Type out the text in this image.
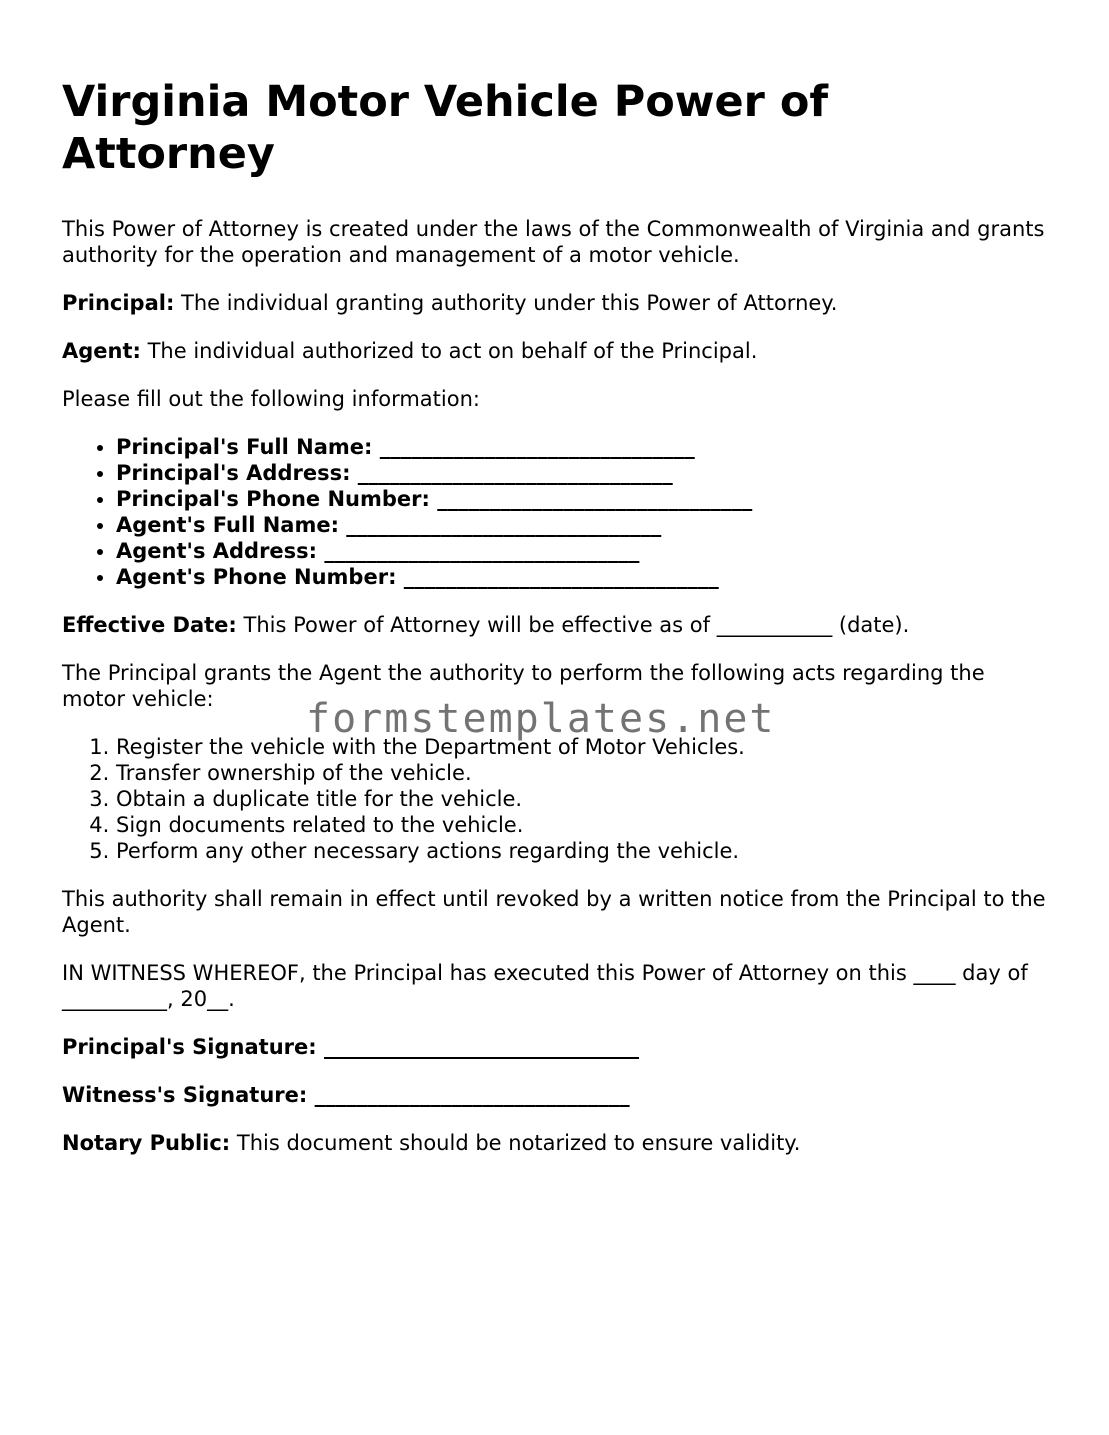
Virginia Motor Vehicle Power of Attorney

This Power of Attorney is created under the laws of the Commonwealth of Virginia and grants authority for the operation and management of a motor vehicle.

Principal: The individual granting authority under this Power of Attorney.

Agent: The individual authorized to act on behalf of the Principal.

Please fill out the following information:

• Principal's Full Name: ______________________________
• Principal's Address: ______________________________
• Principal's Phone Number: ______________________________
• Agent's Full Name: ______________________________
• Agent's Address: ______________________________
• Agent's Phone Number: ______________________________

Effective Date: This Power of Attorney will be effective as of ___________ (date).

The Principal grants the Agent the authority to perform the following acts regarding the motor vehicle:

1. Register the vehicle with the Department of Motor Vehicles.
2. Transfer ownership of the vehicle.
3. Obtain a duplicate title for the vehicle.
4. Sign documents related to the vehicle.
5. Perform any other necessary actions regarding the vehicle.

This authority shall remain in effect until revoked by a written notice from the Principal to the Agent.

IN WITNESS WHEREOF, the Principal has executed this Power of Attorney on this ____ day of __________, 20__.

Principal's Signature: ______________________________

Witness's Signature: ______________________________

Notary Public: This document should be notarized to ensure validity.

formstemplates.net
